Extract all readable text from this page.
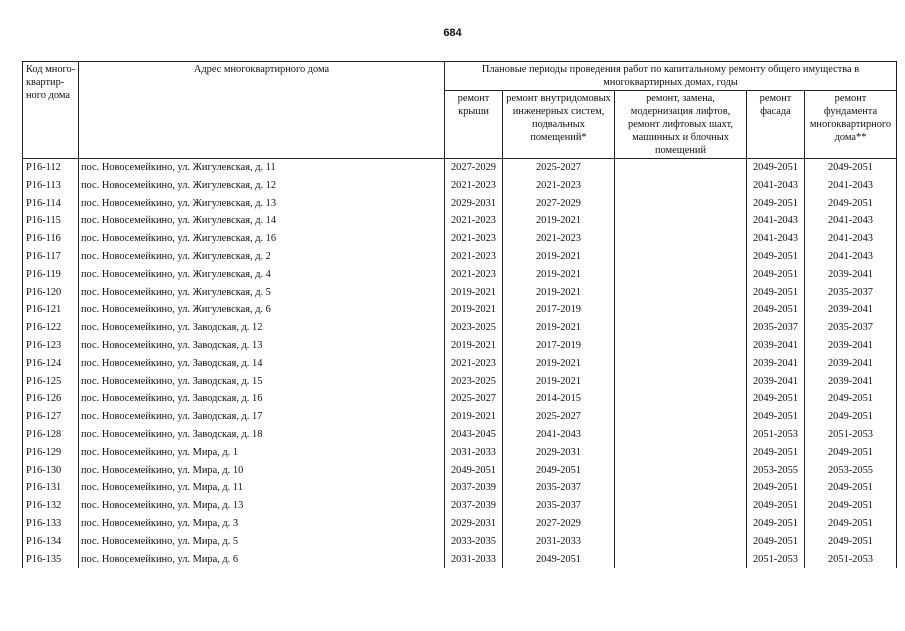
684
Код много-квартир-ного дома	Адрес многоквартирного дома	Плановые периоды проведения работ по капитальному ремонту общего имущества в многоквартирных домах, годы				
		ремонт крыши	ремонт внутридомовых инженерных систем, подвальных помещений*	ремонт, замена, модернизация лифтов, ремонт лифтовых шахт, машинных и блочных помещений	ремонт фасада	ремонт фундамента многоквартирного дома**
Р16-112	пос. Новосемейкино, ул. Жигулевская, д. 11	2027-2029	2025-2027		2049-2051	2049-2051
Р16-113	пос. Новосемейкино, ул. Жигулевская, д. 12	2021-2023	2021-2023		2041-2043	2041-2043
Р16-114	пос. Новосемейкино, ул. Жигулевская, д. 13	2029-2031	2027-2029		2049-2051	2049-2051
Р16-115	пос. Новосемейкино, ул. Жигулевская, д. 14	2021-2023	2019-2021		2041-2043	2041-2043
Р16-116	пос. Новосемейкино, ул. Жигулевская, д. 16	2021-2023	2021-2023		2041-2043	2041-2043
Р16-117	пос. Новосемейкино, ул. Жигулевская, д. 2	2021-2023	2019-2021		2049-2051	2041-2043
Р16-119	пос. Новосемейкино, ул. Жигулевская, д. 4	2021-2023	2019-2021		2049-2051	2039-2041
Р16-120	пос. Новосемейкино, ул. Жигулевская, д. 5	2019-2021	2019-2021		2049-2051	2035-2037
Р16-121	пос. Новосемейкино, ул. Жигулевская, д. 6	2019-2021	2017-2019		2049-2051	2039-2041
Р16-122	пос. Новосемейкино, ул. Заводская, д. 12	2023-2025	2019-2021		2035-2037	2035-2037
Р16-123	пос. Новосемейкино, ул. Заводская, д. 13	2019-2021	2017-2019		2039-2041	2039-2041
Р16-124	пос. Новосемейкино, ул. Заводская, д. 14	2021-2023	2019-2021		2039-2041	2039-2041
Р16-125	пос. Новосемейкино, ул. Заводская, д. 15	2023-2025	2019-2021		2039-2041	2039-2041
Р16-126	пос. Новосемейкино, ул. Заводская, д. 16	2025-2027	2014-2015		2049-2051	2049-2051
Р16-127	пос. Новосемейкино, ул. Заводская, д. 17	2019-2021	2025-2027		2049-2051	2049-2051
Р16-128	пос. Новосемейкино, ул. Заводская, д. 18	2043-2045	2041-2043		2051-2053	2051-2053
Р16-129	пос. Новосемейкино, ул. Мира, д. 1	2031-2033	2029-2031		2049-2051	2049-2051
Р16-130	пос. Новосемейкино, ул. Мира, д. 10	2049-2051	2049-2051		2053-2055	2053-2055
Р16-131	пос. Новосемейкино, ул. Мира, д. 11	2037-2039	2035-2037		2049-2051	2049-2051
Р16-132	пос. Новосемейкино, ул. Мира, д. 13	2037-2039	2035-2037		2049-2051	2049-2051
Р16-133	пос. Новосемейкино, ул. Мира, д. 3	2029-2031	2027-2029		2049-2051	2049-2051
Р16-134	пос. Новосемейкино, ул. Мира, д. 5	2033-2035	2031-2033		2049-2051	2049-2051
Р16-135	пос. Новосемейкино, ул. Мира, д. 6	2031-2033	2049-2051		2051-2053	2051-2053
